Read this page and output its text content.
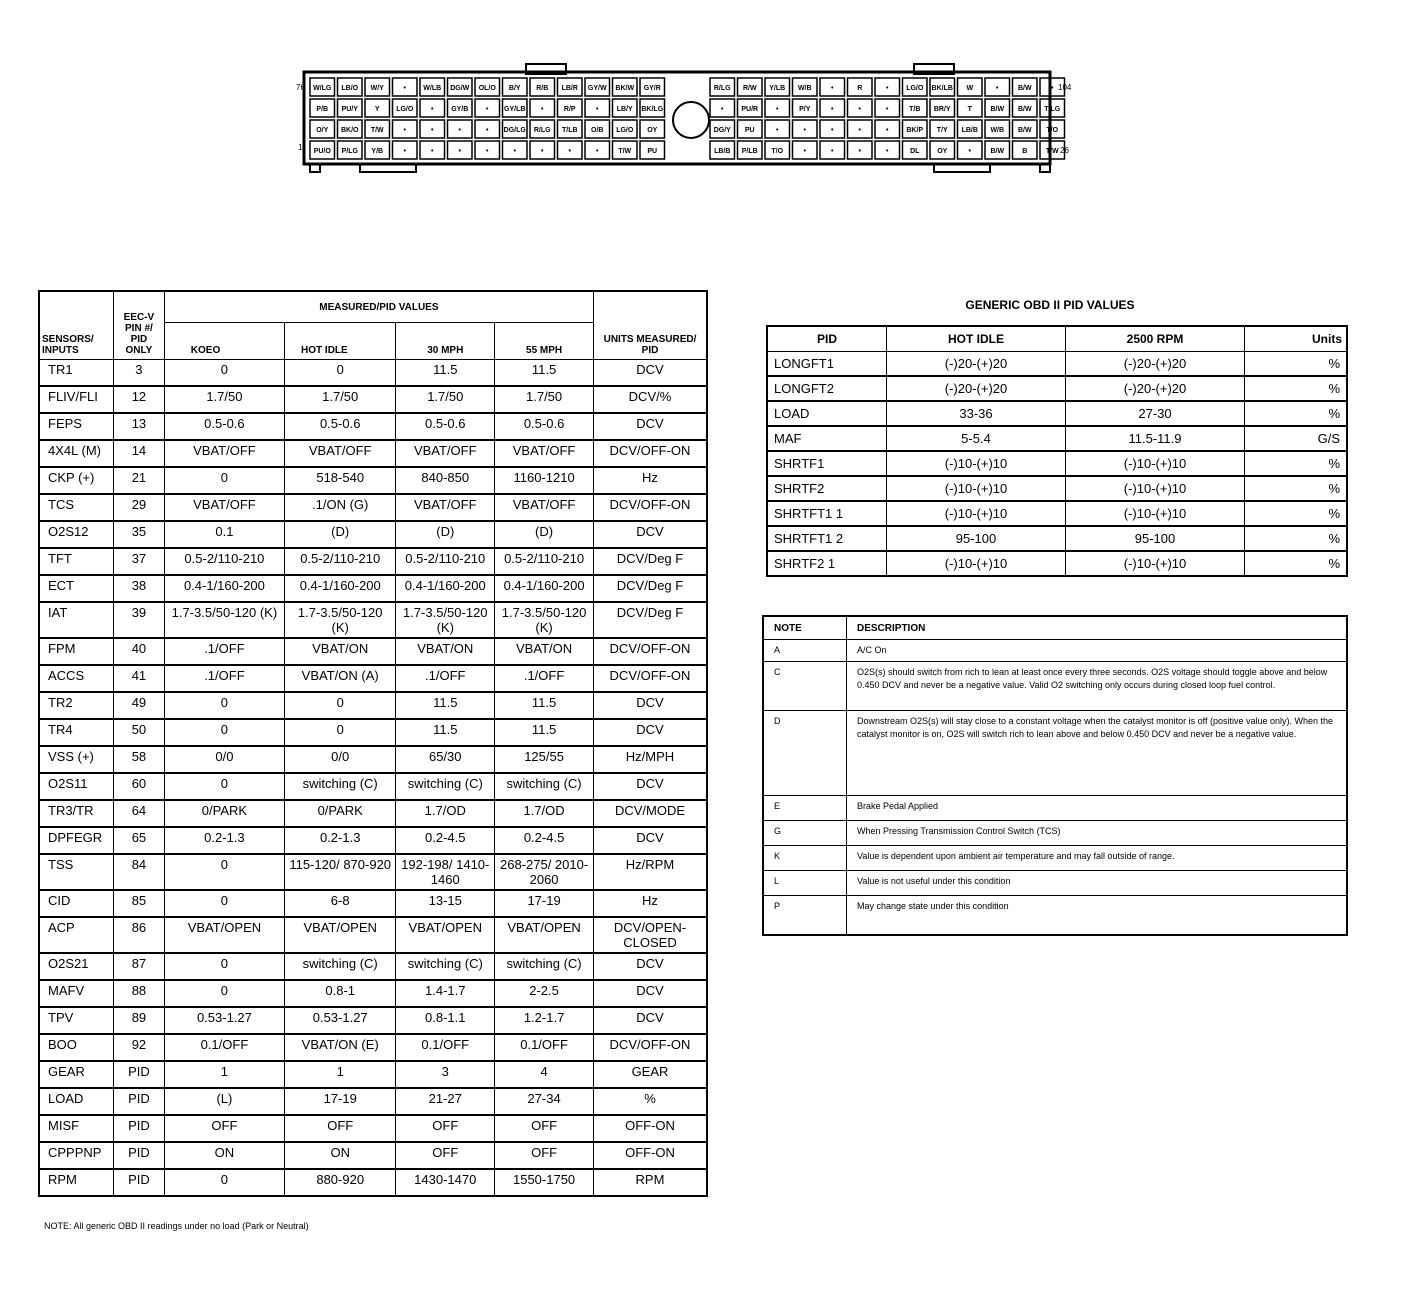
76
1
104
26
W/LG LB/O W/Y	• W/LB DG/W OL/O B/Y R/B LB/R GY/W BK/W GY/R
P/B PU/Y Y LG/O	•	GY/B	• GY/LB •	R/P	•	LB/Y BK/LG
O/Y BK/O T/W	•	•	•	• DG/LG R/LG T/LB O/B LG/O OY
PU/O P/LG Y/B	•	•	•	•	•	•	•	•	T/W PU
R/LG R/W Y/LB W/B	•	R	•	LG/O BK/LB W	•	B/W	•
•	PU/R	•	P/Y	•	•	•	T/B BR/Y T	B/W B/W T/LG
DG/Y PU	•	•	•	•	•	BK/P T/Y LB/B W/B B/W T/O
LB/B P/LB T/O	•	•	•	•	DL	OY	•	B/W	B	T/W
SENSORS/ INPUTS	EEC-V PIN #/ PID ONLY	MEASURED/PID VALUES				UNITS MEASURED/ PID
		KOEO	HOT IDLE	30 MPH	55 MPH	
TR1	3	0	0	11.5	11.5	DCV
FLIV/FLI	12	1.7/50	1.7/50	1.7/50	1.7/50	DCV/%
FEPS	13	0.5-0.6	0.5-0.6	0.5-0.6	0.5-0.6	DCV
4X4L (M)	14	VBAT/OFF	VBAT/OFF	VBAT/OFF	VBAT/OFF	DCV/OFF-ON
CKP (+)	21	0	518-540	840-850	1160-1210	Hz
TCS	29	VBAT/OFF	.1/ON (G)	VBAT/OFF	VBAT/OFF	DCV/OFF-ON
O2S12	35	0.1	(D)	(D)	(D)	DCV
TFT	37	0.5-2/110-210	0.5-2/110-210	0.5-2/110-210	0.5-2/110-210	DCV/Deg F
ECT	38	0.4-1/160-200	0.4-1/160-200	0.4-1/160-200	0.4-1/160-200	DCV/Deg F
IAT	39	1.7-3.5/50-120 (K)	1.7-3.5/50-120 (K)	1.7-3.5/50-120 (K)	1.7-3.5/50-120 (K)	DCV/Deg F
FPM	40	.1/OFF	VBAT/ON	VBAT/ON	VBAT/ON	DCV/OFF-ON
ACCS	41	.1/OFF	VBAT/ON (A)	.1/OFF	.1/OFF	DCV/OFF-ON
TR2	49	0	0	11.5	11.5	DCV
TR4	50	0	0	11.5	11.5	DCV
VSS (+)	58	0/0	0/0	65/30	125/55	Hz/MPH
O2S11	60	0	switching (C)	switching (C)	switching (C)	DCV
TR3/TR	64	0/PARK	0/PARK	1.7/OD	1.7/OD	DCV/MODE
DPFEGR	65	0.2-1.3	0.2-1.3	0.2-4.5	0.2-4.5	DCV
TSS	84	0	115-120/ 870-920	192-198/ 1410-1460	268-275/ 2010-2060	Hz/RPM
CID	85	0	6-8	13-15	17-19	Hz
ACP	86	VBAT/OPEN	VBAT/OPEN	VBAT/OPEN	VBAT/OPEN	DCV/OPEN- CLOSED
O2S21	87	0	switching (C)	switching (C)	switching (C)	DCV
MAFV	88	0	0.8-1	1.4-1.7	2-2.5	DCV
TPV	89	0.53-1.27	0.53-1.27	0.8-1.1	1.2-1.7	DCV
BOO	92	0.1/OFF	VBAT/ON (E)	0.1/OFF	0.1/OFF	DCV/OFF-ON
GEAR	PID	1	1	3	4	GEAR
LOAD	PID	(L)	17-19	21-27	27-34	%
MISF	PID	OFF	OFF	OFF	OFF	OFF-ON
CPPPNP	PID	ON	ON	OFF	OFF	OFF-ON
RPM	PID	0	880-920	1430-1470	1550-1750	RPM
NOTE: All generic OBD II readings under no load (Park or Neutral)
GENERIC OBD II PID VALUES
PID	HOT IDLE	2500 RPM	Units
LONGFT1	(-)20-(+)20	(-)20-(+)20	%
LONGFT2	(-)20-(+)20	(-)20-(+)20	%
LOAD	33-36	27-30	%
MAF	5-5.4	11.5-11.9	G/S
SHRTF1	(-)10-(+)10	(-)10-(+)10	%
SHRTF2	(-)10-(+)10	(-)10-(+)10	%
SHRTFT1 1	(-)10-(+)10	(-)10-(+)10	%
SHRTFT1 2	95-100	95-100	%
SHRTF2 1	(-)10-(+)10	(-)10-(+)10	%
NOTE	DESCRIPTION
A	A/C On
C	O2S(s) should switch from rich to lean at least once every three seconds. O2S voltage should toggle above and below 0.450 DCV and never be a negative value. Valid O2 switching only occurs during closed loop fuel control.
D	Downstream O2S(s) will stay close to a constant voltage when the catalyst monitor is off (positive value only). When the catalyst monitor is on, O2S will switch rich to lean above and below 0.450 DCV and never be a negative value.
E	Brake Pedal Applied
G	When Pressing Transmission Control Switch (TCS)
K	Value is dependent upon ambient air temperature and may fall outside of range.
L	Value is not useful under this condition
P	May change state under this condition
